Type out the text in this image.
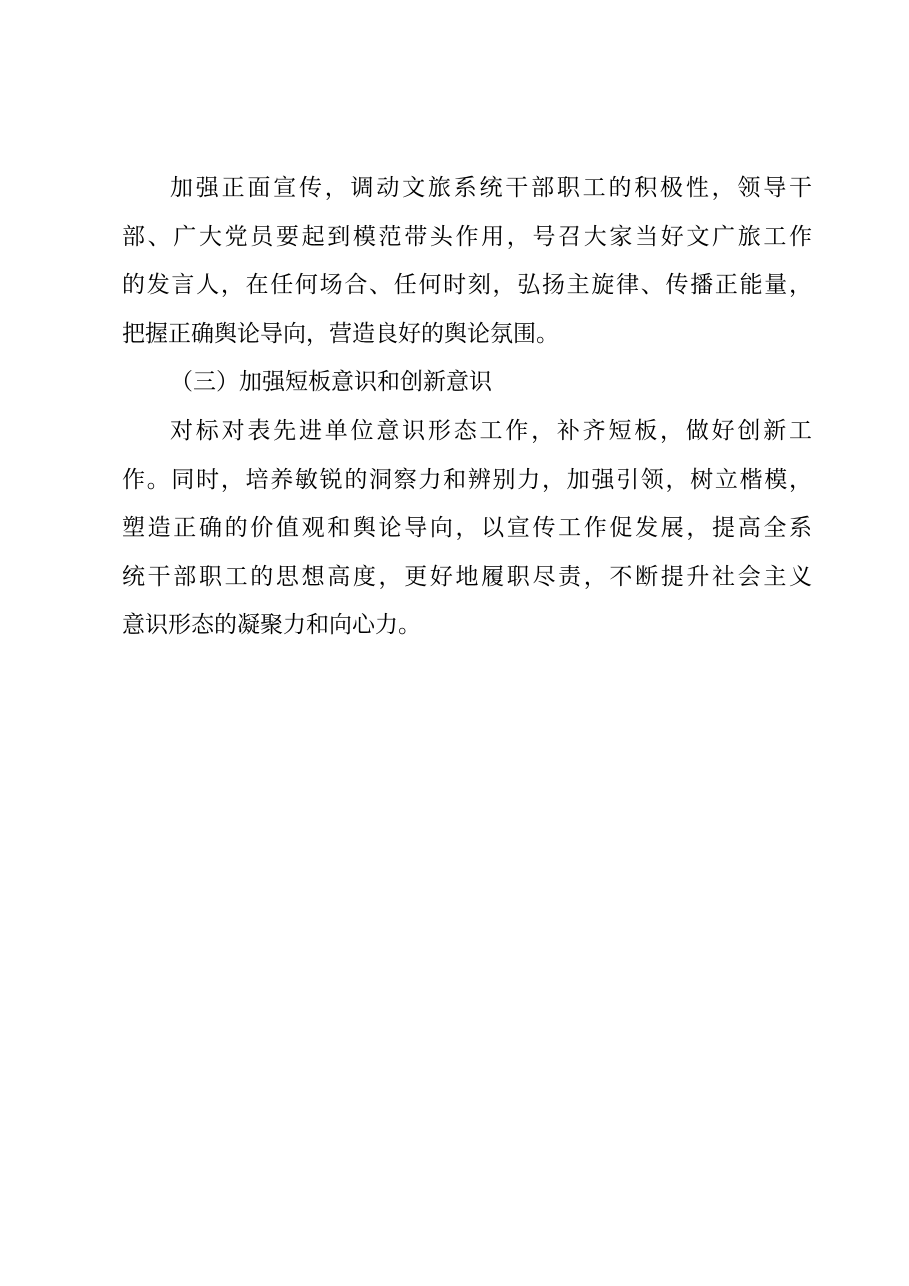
加强正面宣传，调动文旅系统干部职工的积极性，领导干
部、广大党员要起到模范带头作用，号召大家当好文广旅工作
的发言人，在任何场合、任何时刻，弘扬主旋律、传播正能量，
把握正确舆论导向，营造良好的舆论氛围。
（三）加强短板意识和创新意识
对标对表先进单位意识形态工作，补齐短板，做好创新工
作。同时，培养敏锐的洞察力和辨别力，加强引领，树立楷模，
塑造正确的价值观和舆论导向，以宣传工作促发展，提高全系
统干部职工的思想高度，更好地履职尽责，不断提升社会主义
意识形态的凝聚力和向心力。
